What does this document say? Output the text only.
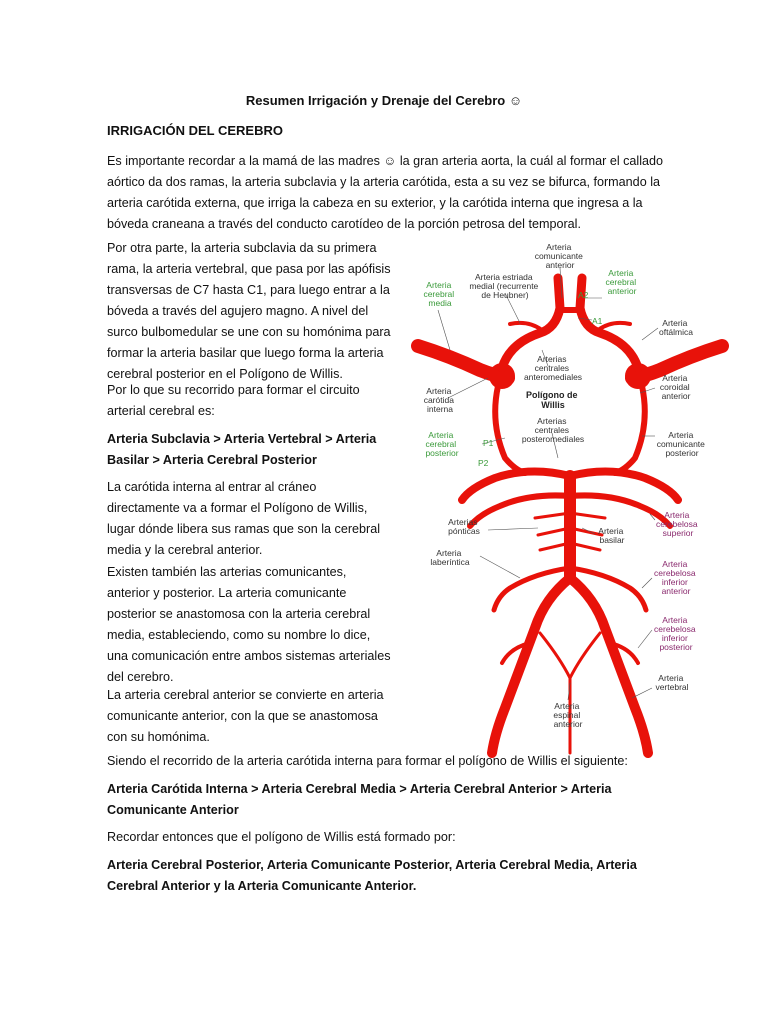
Resumen Irrigación y Drenaje del Cerebro ☺
IRRIGACIÓN DEL CEREBRO

Es importante recordar a la mamá de las madres ☺ la gran arteria aorta, la cuál al formar el callado aórtico da dos ramas, la arteria subclavia y la arteria carótida, esta a su vez se bifurca, formando la arteria carótida externa, que irriga la cabeza en su exterior, y la carótida interna que ingresa a la bóveda craneana a través del conducto carotídeo de la porción petrosa del temporal.

Por otra parte, la arteria subclavia da su primera rama, la arteria vertebral, que pasa por las apófisis transversas de C7 hasta C1, para luego entrar a la bóveda a través del agujero magno. A nivel del surco bulbomedular se une con su homónima para formar la arteria basilar que luego forma la arteria cerebral posterior en el Polígono de Willis.

Por lo que su recorrido para formar el circuito arterial cerebral es:

Arteria Subclavia > Arteria Vertebral > Arteria Basilar > Arteria Cerebral Posterior

La carótida interna al entrar al cráneo directamente va a formar el Polígono de Willis, lugar dónde libera sus ramas que son la cerebral media y la cerebral anterior.

Existen también las arterias comunicantes, anterior y posterior. La arteria comunicante posterior se anastomosa con la arteria cerebral media, estableciendo, como su nombre lo dice, una comunicación entre ambos sistemas arteriales del cerebro.

La arteria cerebral anterior se convierte en arteria comunicante anterior, con la que se anastomosa con su homónima.

Siendo el recorrido de la arteria carótida interna para formar el polígono de Willis el siguiente:

Arteria Carótida Interna > Arteria Cerebral Media > Arteria Cerebral Anterior > Arteria Comunicante Anterior

Recordar entonces que el polígono de Willis está formado por:

Arteria Cerebral Posterior, Arteria Comunicante Posterior, Arteria Cerebral Media, Arteria Cerebral Anterior y la Arteria Comunicante Anterior.

Arteria comunicante anterior
Arteria estriada medial (recurrente de Heubner)
Arteria cerebral media
A2
Arteria cerebral anterior
A1	Arteria oftálmica
Arterias centrales anteromediales
Polígono de Willis
Arteria carótida interna
Arteria coroidal anterior
Arterias centrales posteromediales
Arteria cerebral posterior
P1
P2
Arteria comunicante posterior
Arterias pónticas	Arteria basilar
Arteria cerebelosa superior
Arteria laberíntica	Arteria cerebelosa inferior anterior
Arteria cerebelosa inferior posterior
Arteria vertebral
Arteria espinal anterior
